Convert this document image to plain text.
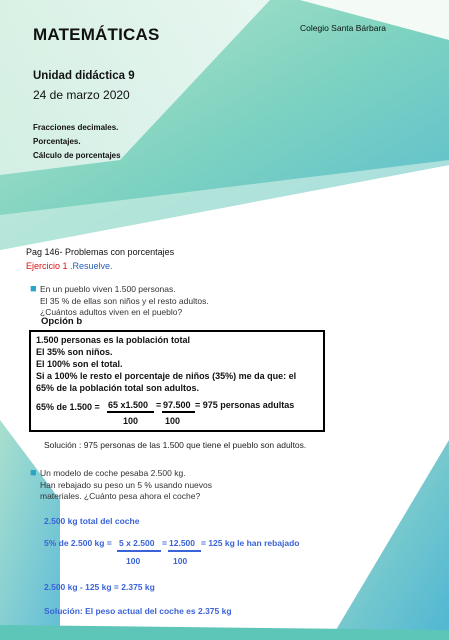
MATEMÁTICAS	Colegio Santa Bárbara
Unidad didáctica 9
24 de marzo 2020
Fracciones decimales.
Porcentajes.
Cálculo de porcentajes
Pag 146- Problemas con porcentajes
Ejercicio 1 .Resuelve.
■ En un pueblo viven 1.500 personas.
El 35 % de ellas son niños y el resto adultos.
¿Cuántos adultos viven en el pueblo?
Opción b
1.500 personas es la población total
El 35% son niños.
El 100% son el total.
Si a 100% le resto el porcentaje de niños (35%) me da que: el
65% de la población total son adultos.
65% de 1.500 = 65 x1.500 = 97.500 = 975 personas adultas
100	100
Solución : 975 personas de las 1.500 que tiene el pueblo son adultos.
■ Un modelo de coche pesaba 2.500 kg.
Han rebajado su peso un 5 % usando nuevos
materiales. ¿Cuánto pesa ahora el coche?
2.500 kg total del coche
5% de 2.500 kg = 5 x 2.500 = 12.500 = 125 kg le han rebajado
100	100
2.500 kg - 125 kg = 2.375 kg
Solución: El peso actual del coche es 2.375 kg
